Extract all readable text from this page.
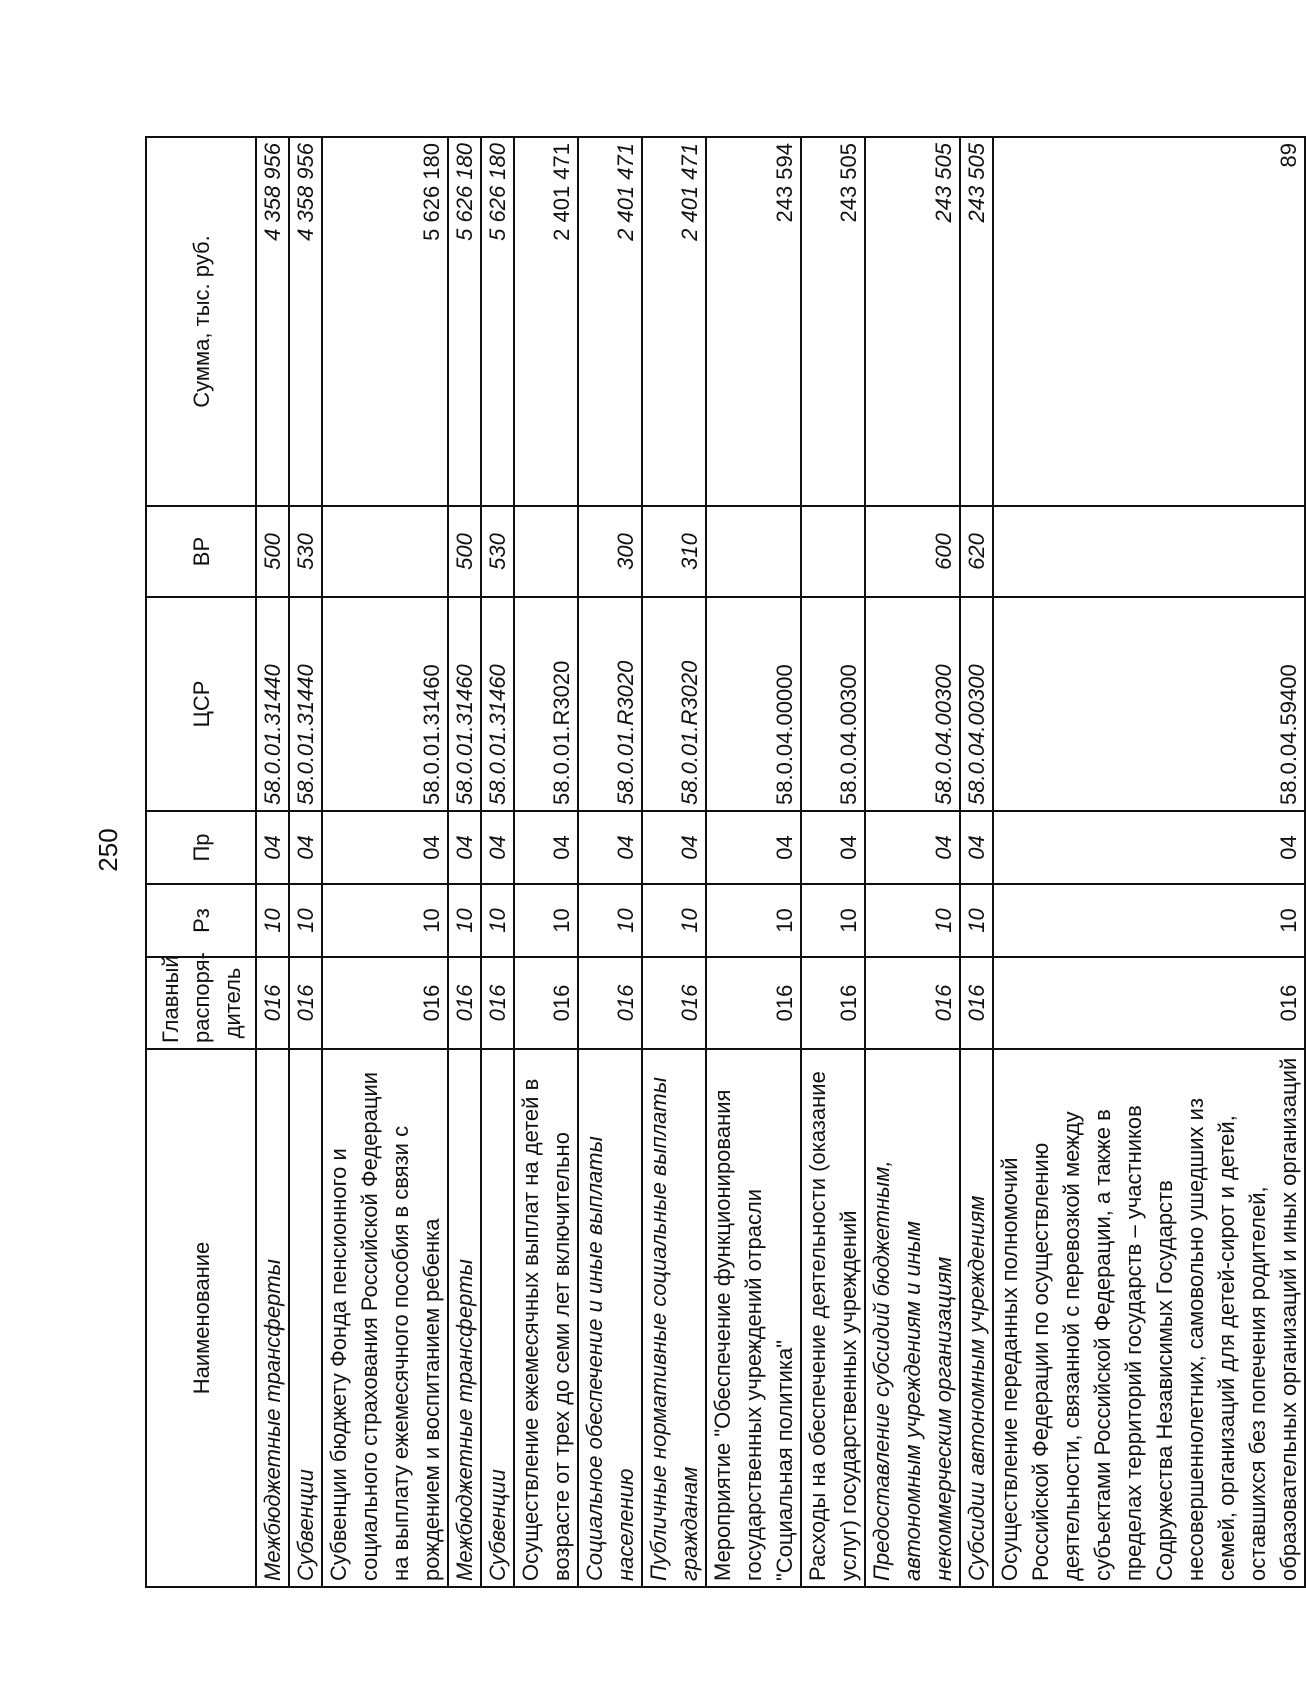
250
Наименование	Главный распоря-дитель	Рз	Пр	ЦСР	ВР	Сумма, тыс. руб.
Межбюджетные трансферты	016	10	04	58.0.01.31440	500	4 358 956
Субвенции	016	10	04	58.0.01.31440	530	4 358 956
Субвенции бюджету Фонда пенсионного и социального страхования Российской Федерации на выплату ежемесячного пособия в связи с рождением и воспитанием ребенка	016	10	04	58.0.01.31460		5 626 180
Межбюджетные трансферты	016	10	04	58.0.01.31460	500	5 626 180
Субвенции	016	10	04	58.0.01.31460	530	5 626 180
Осуществление ежемесячных выплат на детей в возрасте от трех до семи лет включительно	016	10	04	58.0.01.R3020		2 401 471
Социальное обеспечение и иные выплаты населению	016	10	04	58.0.01.R3020	300	2 401 471
Публичные нормативные социальные выплаты гражданам	016	10	04	58.0.01.R3020	310	2 401 471
Мероприятие "Обеспечение функционирования государственных учреждений отрасли "Социальная политика"	016	10	04	58.0.04.00000		243 594
Расходы на обеспечение деятельности (оказание услуг) государственных учреждений	016	10	04	58.0.04.00300		243 505
Предоставление субсидий бюджетным, автономным учреждениям и иным некоммерческим организациям	016	10	04	58.0.04.00300	600	243 505
Субсидии автономным учреждениям	016	10	04	58.0.04.00300	620	243 505
Осуществление переданных полномочий Российской Федерации по осуществлению деятельности, связанной с перевозкой между субъектами Российской Федерации, а также в пределах территорий государств – участников Содружества Независимых Государств несовершеннолетних, самовольно ушедших из семей, организаций для детей-сирот и детей, оставшихся без попечения родителей, образовательных организаций и иных организаций	016	10	04	58.0.04.59400		89
